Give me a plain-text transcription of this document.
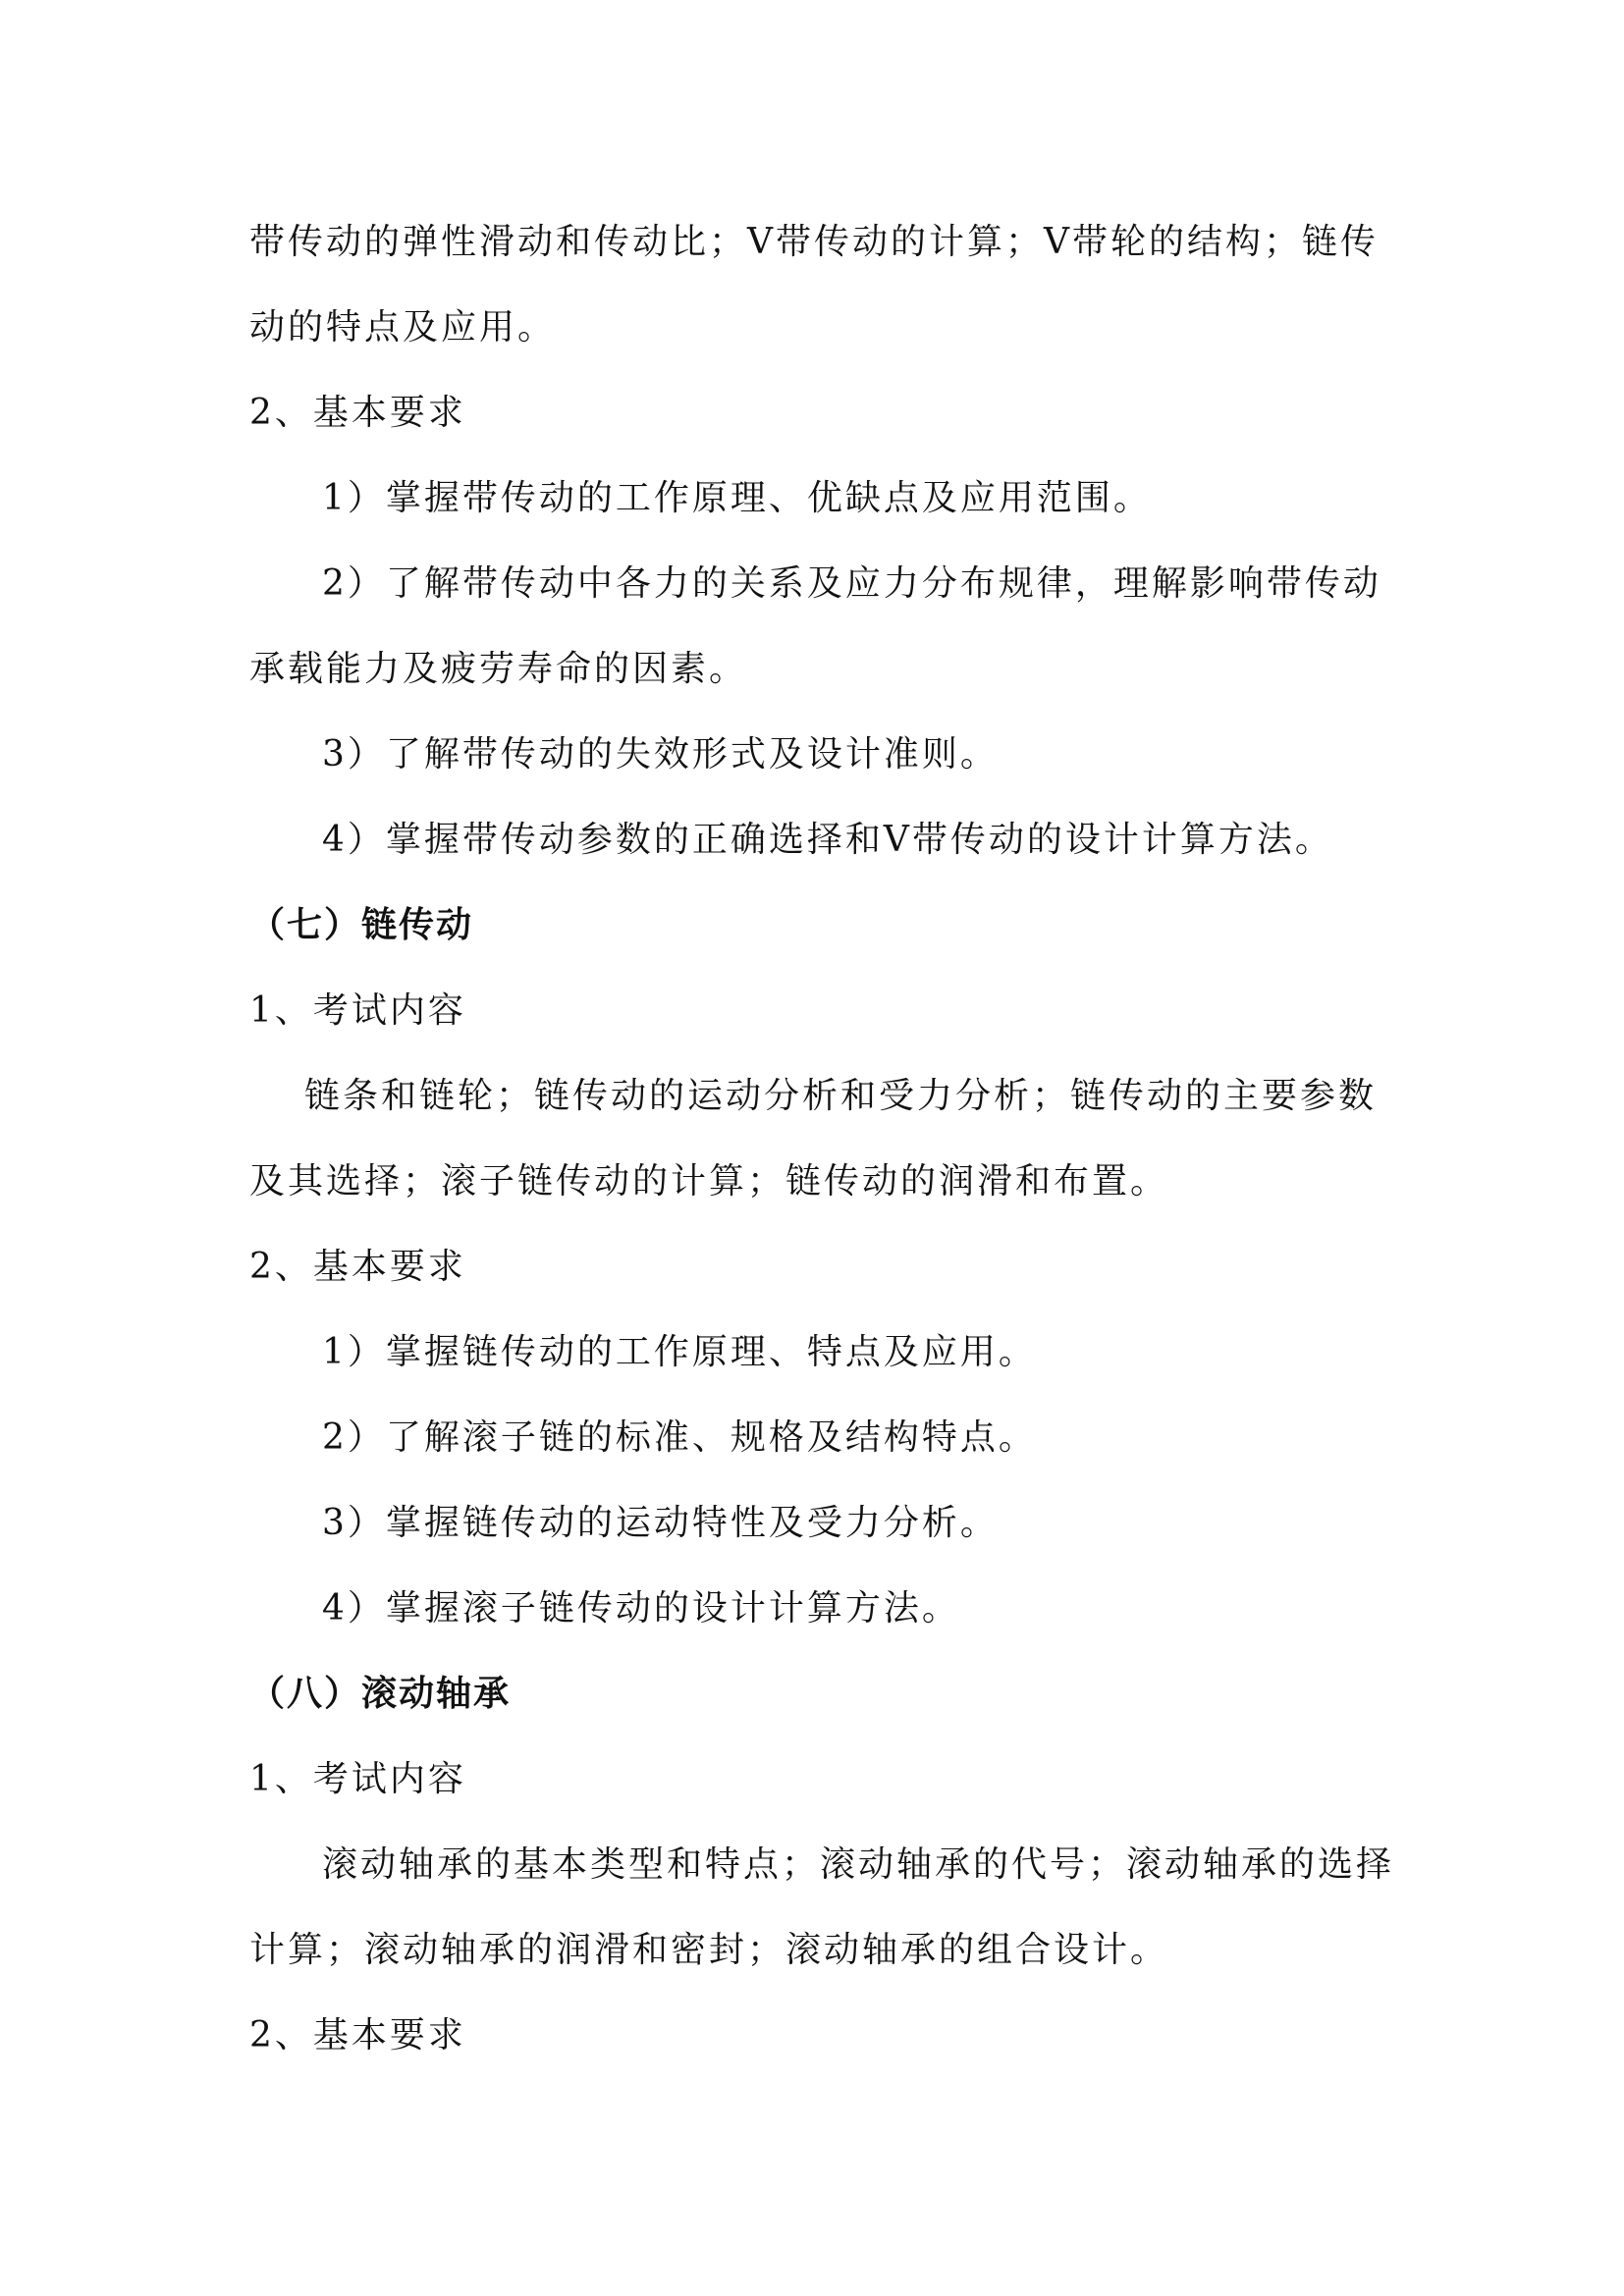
带传动的弹性滑动和传动比；V带传动的计算；V带轮的结构；链传
动的特点及应用。
2、基本要求
1）掌握带传动的工作原理、优缺点及应用范围。
2）了解带传动中各力的关系及应力分布规律，理解影响带传动
承载能力及疲劳寿命的因素。
3）了解带传动的失效形式及设计准则。
4）掌握带传动参数的正确选择和V带传动的设计计算方法。
（七）链传动
1、考试内容
链条和链轮；链传动的运动分析和受力分析；链传动的主要参数
及其选择；滚子链传动的计算；链传动的润滑和布置。
2、基本要求
1）掌握链传动的工作原理、特点及应用。
2）了解滚子链的标准、规格及结构特点。
3）掌握链传动的运动特性及受力分析。
4）掌握滚子链传动的设计计算方法。
（八）滚动轴承
1、考试内容
滚动轴承的基本类型和特点；滚动轴承的代号；滚动轴承的选择
计算；滚动轴承的润滑和密封；滚动轴承的组合设计。
2、基本要求
